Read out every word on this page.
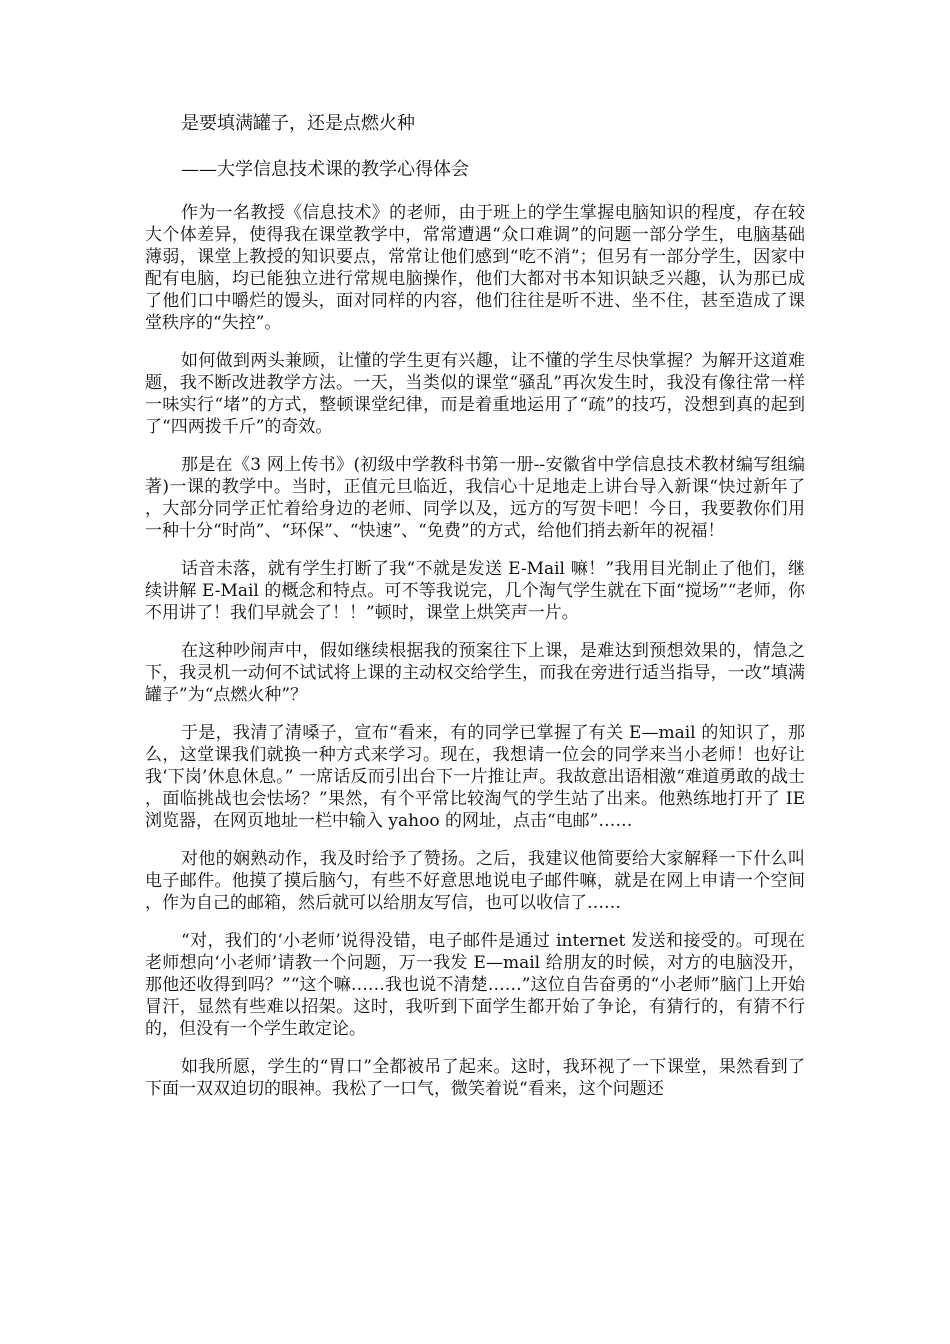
是要填满罐子，还是点燃火种
——大学信息技术课的教学心得体会

作为一名教授《信息技术》的老师，由于班上的学生掌握电脑知识的程度，存在较大个体差异，使得我在课堂教学中，常常遭遇“众口难调”的问题一部分学生，电脑基础薄弱，课堂上教授的知识要点，常常让他们感到“吃不消”；但另有一部分学生，因家中配有电脑，均已能独立进行常规电脑操作，他们大都对书本知识缺乏兴趣，认为那已成了他们口中嚼烂的馒头，面对同样的内容，他们往往是听不进、坐不住，甚至造成了课堂秩序的“失控”。

如何做到两头兼顾，让懂的学生更有兴趣，让不懂的学生尽快掌握？为解开这道难题，我不断改进教学方法。一天，当类似的课堂“骚乱”再次发生时，我没有像往常一样一味实行“堵”的方式，整顿课堂纪律，而是着重地运用了“疏”的技巧，没想到真的起到了“四两拨千斤”的奇效。

那是在《3 网上传书》(初级中学教科书第一册--安徽省中学信息技术教材编写组编著)一课的教学中。当时，正值元旦临近，我信心十足地走上讲台导入新课“快过新年了，大部分同学正忙着给身边的老师、同学以及，远方的写贺卡吧！今日，我要教你们用一种十分“时尚”、“环保”、“快速”、“免费”的方式，给他们捎去新年的祝福！

话音未落，就有学生打断了我“不就是发送 E-Mail 嘛！”我用目光制止了他们，继续讲解 E-Mail 的概念和特点。可不等我说完，几个淘气学生就在下面“搅场”“老师，你不用讲了！我们早就会了！！”顿时，课堂上烘笑声一片。

在这种吵闹声中，假如继续根据我的预案往下上课，是难达到预想效果的，情急之下，我灵机一动何不试试将上课的主动权交给学生，而我在旁进行适当指导，一改“填满罐子”为“点燃火种”？

于是，我清了清嗓子，宣布“看来，有的同学已掌握了有关 E—mail 的知识了，那么，这堂课我们就换一种方式来学习。现在，我想请一位会的同学来当小老师！也好让我‘下岗’休息休息。” 一席话反而引出台下一片推让声。我故意出语相激“难道勇敢的战士，面临挑战也会怯场？”果然，有个平常比较淘气的学生站了出来。他熟练地打开了 IE 浏览器，在网页地址一栏中输入 yahoo 的网址，点击“电邮”……

对他的娴熟动作，我及时给予了赞扬。之后，我建议他简要给大家解释一下什么叫电子邮件。他摸了摸后脑勺，有些不好意思地说电子邮件嘛，就是在网上申请一个空间，作为自己的邮箱，然后就可以给朋友写信，也可以收信了……

“对，我们的‘小老师’说得没错，电子邮件是通过 internet 发送和接受的。可现在老师想向‘小老师’请教一个问题，万一我发 E—mail 给朋友的时候，对方的电脑没开，那他还收得到吗？”“这个嘛……我也说不清楚……”这位自告奋勇的“小老师”脑门上开始冒汗，显然有些难以招架。这时，我听到下面学生都开始了争论，有猜行的，有猜不行的，但没有一个学生敢定论。

如我所愿，学生的“胃口”全都被吊了起来。这时，我环视了一下课堂，果然看到了下面一双双迫切的眼神。我松了一口气，微笑着说“看来，这个问题还
